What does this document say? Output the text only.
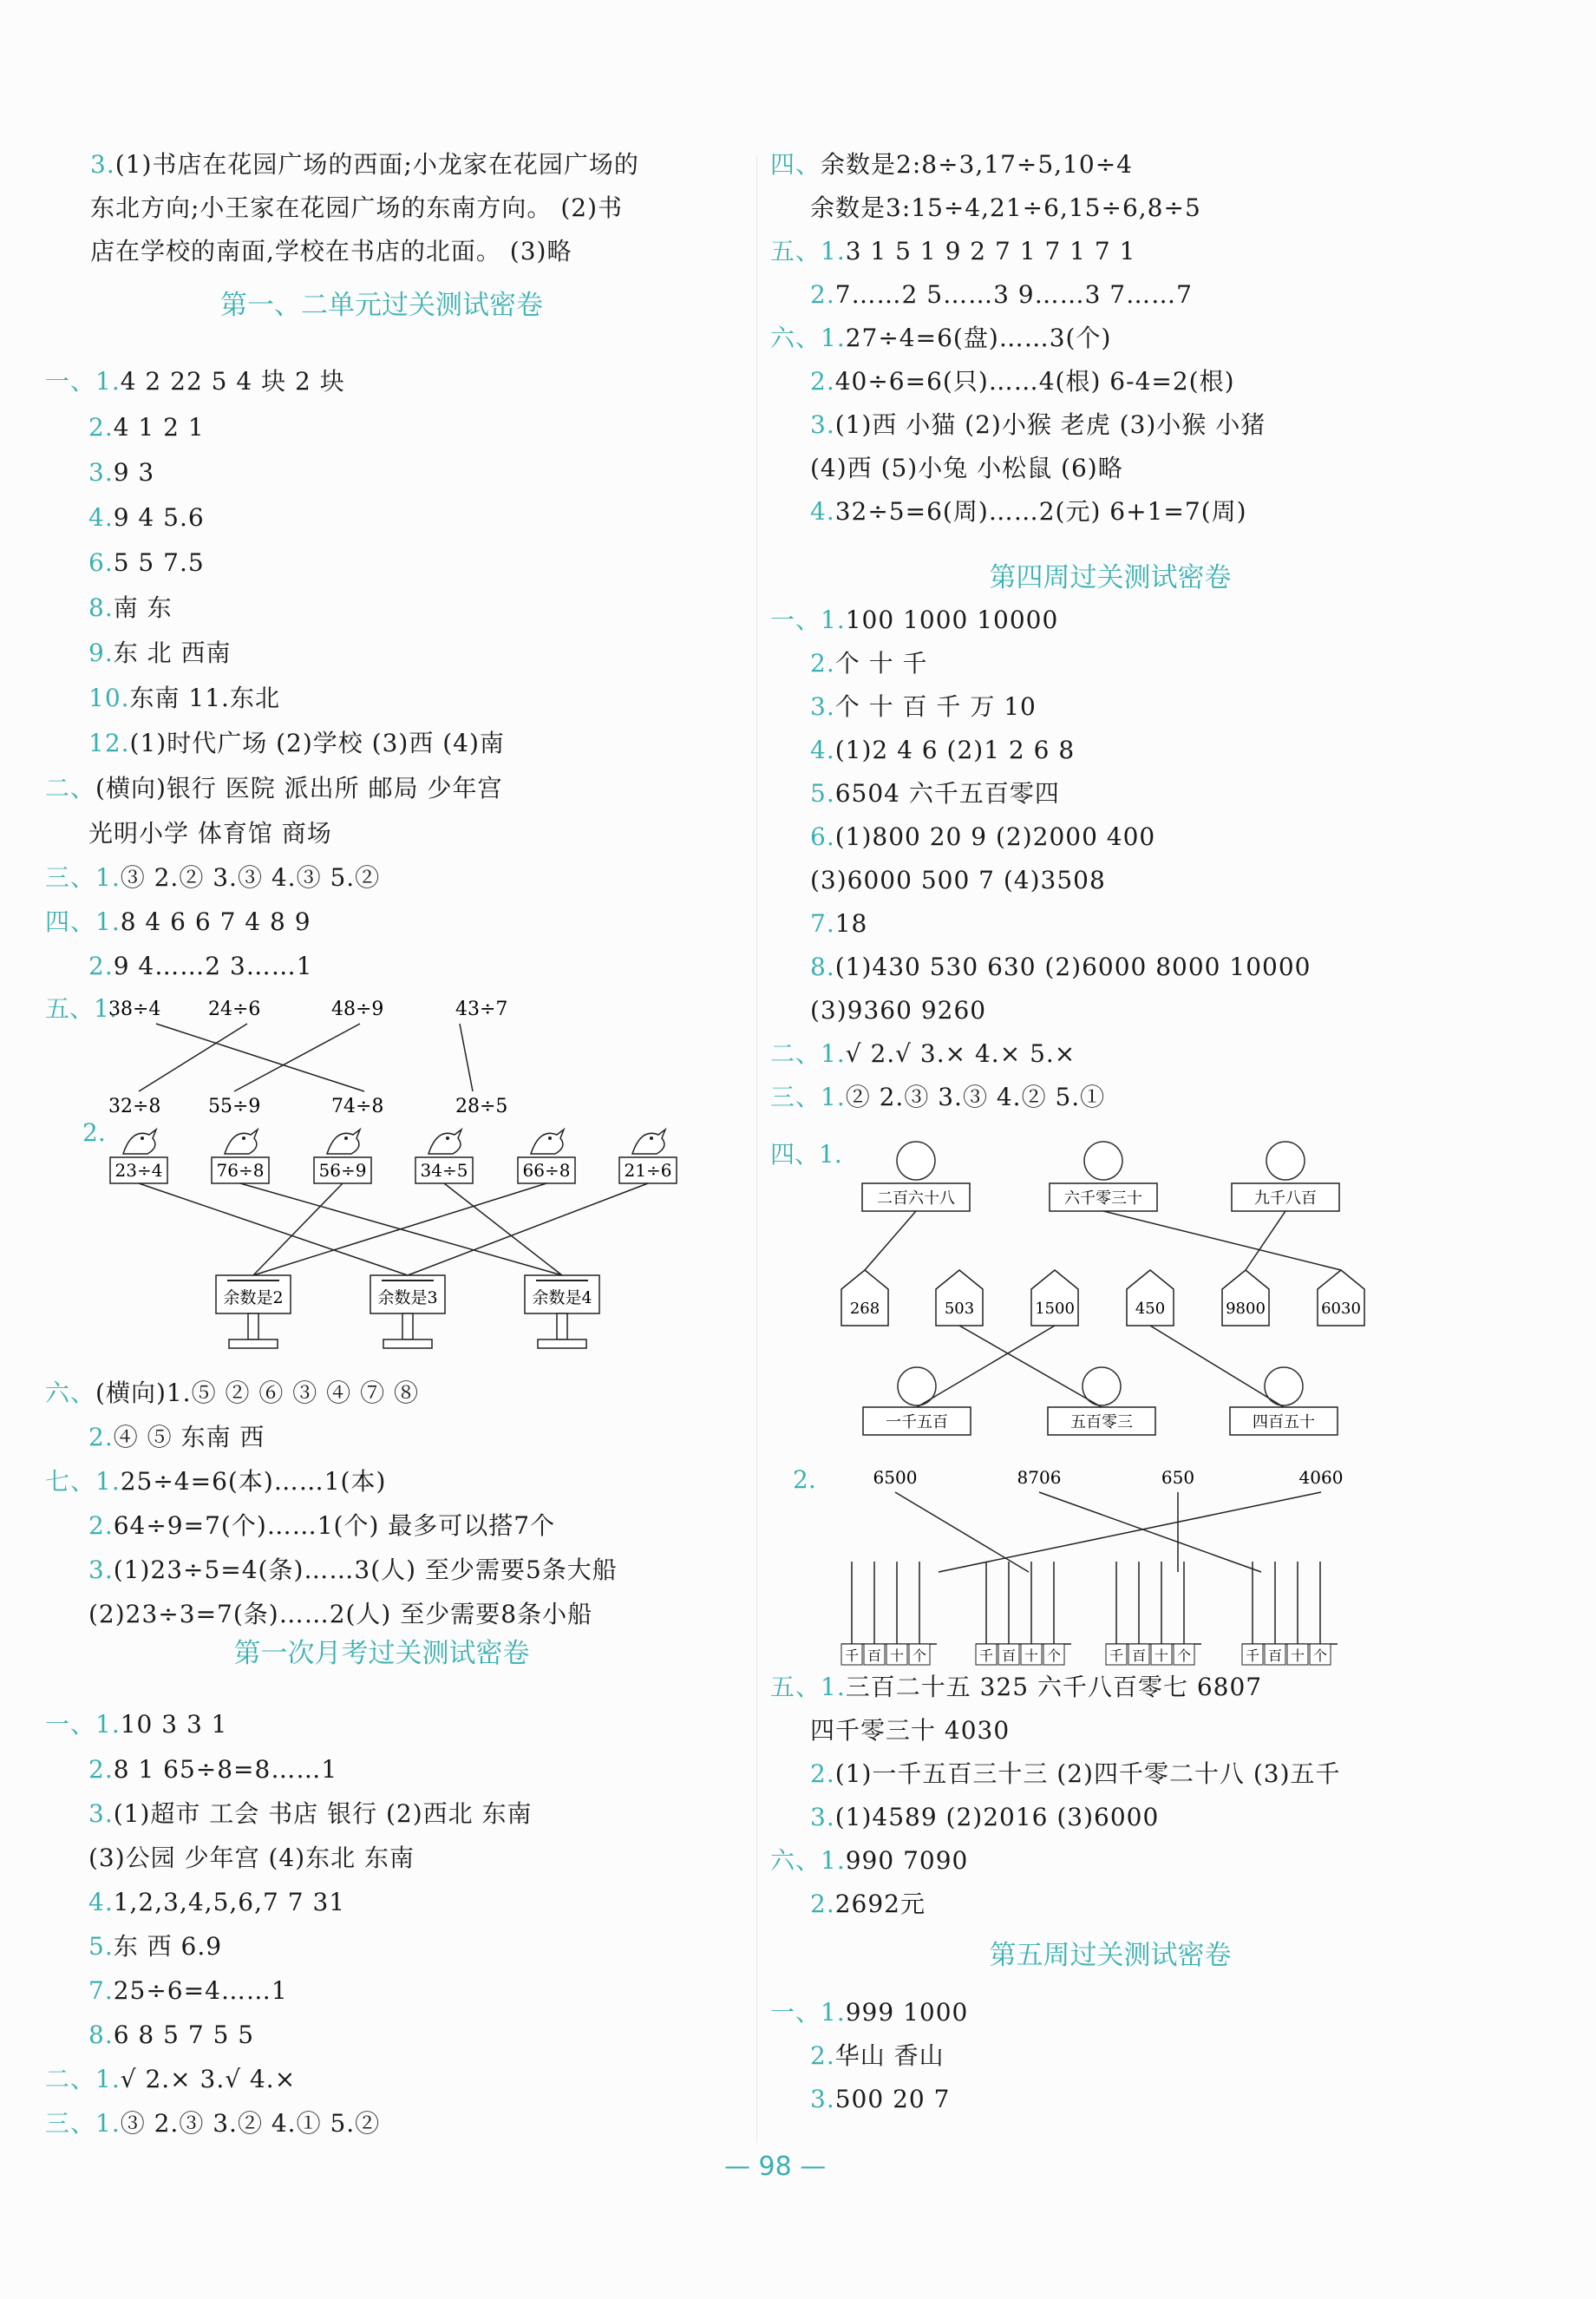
3.(1)书店在花园广场的西面;小龙家在花园广场的
东北方向;小王家在花园广场的东南方向。 (2)书
店在学校的南面,学校在书店的北面。 (3)略
一、1.4 2 22 5 4 块 2 块
2.4 1 2 1
3.9 3
4.9 4 5.6
6.5 5 7.5
8.南 东
9.东 北 西南
10.东南 11.东北
12.(1)时代广场 (2)学校 (3)西 (4)南
二、(横向)银行 医院 派出所 邮局 少年宫
光明小学 体育馆 商场
三、1.③ 2.② 3.③ 4.③ 5.②
四、1.8 4 6 6 7 4 8 9
2.9 4……2 3……1
六、(横向)1.⑤ ② ⑥ ③ ④ ⑦ ⑧
2.④ ⑤ 东南 西
七、1.25÷4=6(本)……1(本)
2.64÷9=7(个)……1(个) 最多可以搭7个
3.(1)23÷5=4(条)……3(人) 至少需要5条大船
(2)23÷3=7(条)……2(人) 至少需要8条小船
一、1.10 3 3 1
2.8 1 65÷8=8……1
3.(1)超市 工会 书店 银行 (2)西北 东南
(3)公园 少年宫 (4)东北 东南
4.1,2,3,4,5,6,7 7 31
5.东 西 6.9
7.25÷6=4……1
8.6 8 5 7 5 5
二、1.√ 2.× 3.√ 4.×
三、1.③ 2.③ 3.② 4.① 5.②
第一、二单元过关测试密卷
第一次月考过关测试密卷
四、余数是2:8÷3,17÷5,10÷4
余数是3:15÷4,21÷6,15÷6,8÷5
五、1.3 1 5 1 9 2 7 1 7 1 7 1
2.7……2 5……3 9……3 7……7
六、1.27÷4=6(盘)……3(个)
2.40÷6=6(只)……4(根) 6-4=2(根)
3.(1)西 小猫 (2)小猴 老虎 (3)小猴 小猪
(4)西 (5)小兔 小松鼠 (6)略
4.32÷5=6(周)……2(元) 6+1=7(周)
一、1.100 1000 10000
2.个 十 千
3.个 十 百 千 万 10
4.(1)2 4 6 (2)1 2 6 8
5.6504 六千五百零四
6.(1)800 20 9 (2)2000 400
(3)6000 500 7 (4)3508
7.18
8.(1)430 530 630 (2)6000 8000 10000
(3)9360 9260
二、1.√ 2.√ 3.× 4.× 5.×
三、1.② 2.③ 3.③ 4.② 5.①
五、1.三百二十五 325 六千八百零七 6807
四千零三十 4030
2.(1)一千五百三十三 (2)四千零二十八 (3)五千
3.(1)4589 (2)2016 (3)6000
六、1.990 7090
2.2692元
一、1.999 1000
2.华山 香山
3.500 20 7
第四周过关测试密卷
第五周过关测试密卷
五、1.
38÷4 24÷6	48÷9	43÷7
32÷8 55÷9	74÷8	28÷5
2.
23÷4	76÷8	56÷9	34÷5	66÷8	21÷6
余数是2	余数是3	余数是4
四、1.
二百六十八	六千零三十	九千八百
268	503	1500	450	9800	6030
一千五百	五百零三	四百五十
2.	6500	8706	650	4060
千 百 十 个	千 百 十 个	千 百 十 个	千 百 十 个
— 98 —
